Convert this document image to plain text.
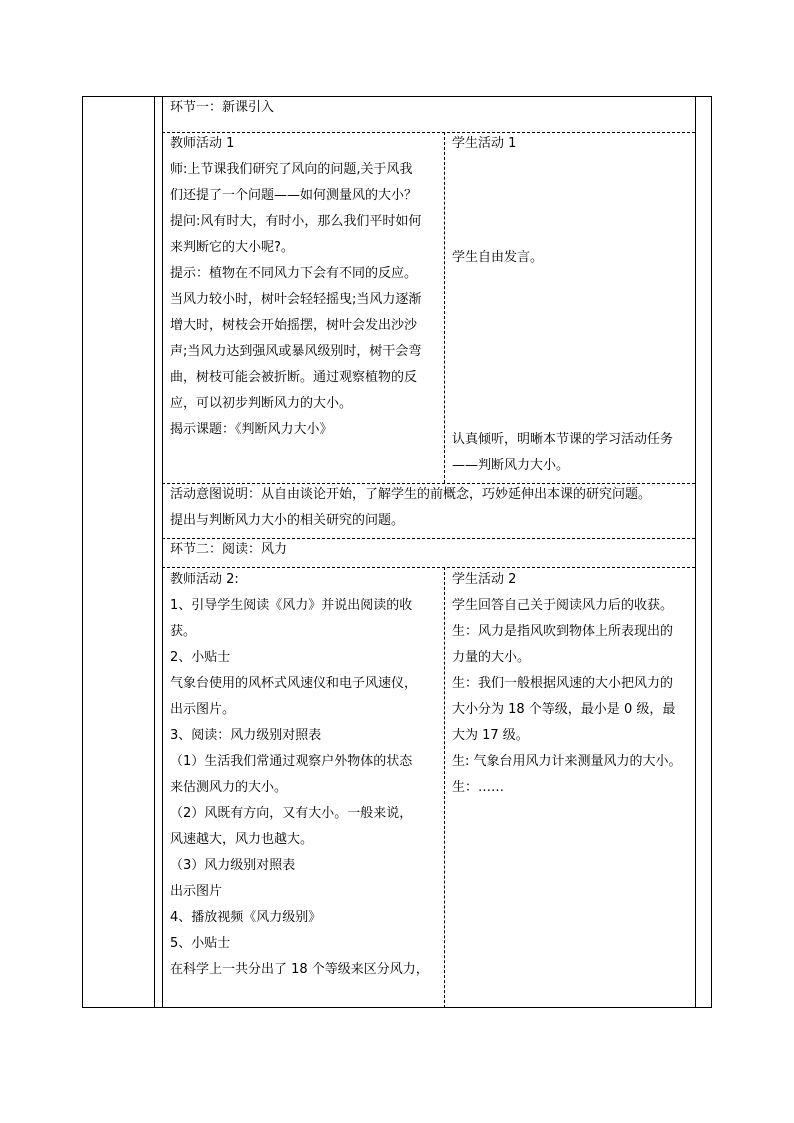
环节一：新课引入
教师活动 1
师:上节课我们研究了风向的问题,关于风我
们还提了一个问题——如何测量风的大小？
提问:风有时大，有时小，那么我们平时如何
来判断它的大小呢?。
提示：植物在不同风力下会有不同的反应。
当风力较小时，树叶会轻轻摇曳;当风力逐渐
增大时，树枝会开始摇摆，树叶会发出沙沙
声;当风力达到强风或暴风级别时，树干会弯
曲，树枝可能会被折断。通过观察植物的反
应，可以初步判断风力的大小。
揭示课题：《判断风力大小》
学生活动 1
学生自由发言。
认真倾听，明晰本节课的学习活动任务
——判断风力大小。
活动意图说明：从自由谈论开始，了解学生的前概念，巧妙延伸出本课的研究问题。
提出与判断风力大小的相关研究的问题。
环节二：阅读：风力
教师活动 2:
1、引导学生阅读《风力》并说出阅读的收
获。
2、小贴士
气象台使用的风杯式风速仪和电子风速仪，
出示图片。
3、阅读：风力级别对照表
（1）生活我们常通过观察户外物体的状态
来估测风力的大小。
（2）风既有方向，又有大小。一般来说，
风速越大，风力也越大。
（3）风力级别对照表
出示图片
4、播放视频《风力级别》
5、小贴士
在科学上一共分出了 18 个等级来区分风力，
学生活动 2
学生回答自己关于阅读风力后的收获。
生：风力是指风吹到物体上所表现出的
力量的大小。
生：我们一般根据风速的大小把风力的
大小分为 18 个等级，最小是 0 级，最
大为 17 级。
生: 气象台用风力计来测量风力的大小。
生：……
